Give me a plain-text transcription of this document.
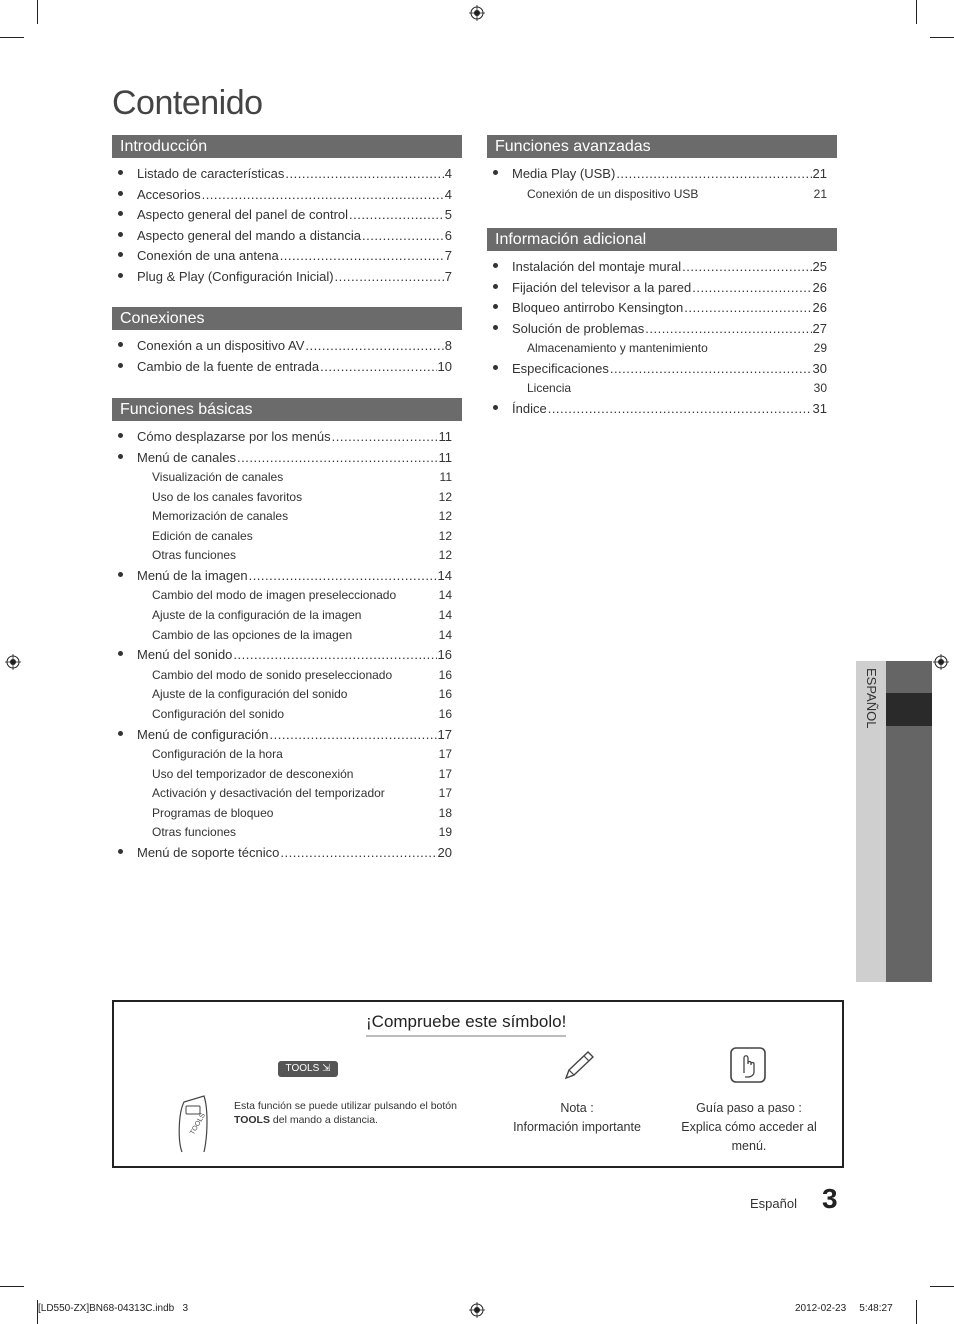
Contenido
Introducción
Listado de características .....	4
Accesorios .....	4
Aspecto general del panel de control .....	5
Aspecto general del mando a distancia .....	6
Conexión de una antena .....	7
Plug & Play (Configuración Inicial) .....	7
Conexiones
Conexión a un dispositivo AV .....	8
Cambio de la fuente de entrada .....	10
Funciones básicas
Cómo desplazarse por los menús .....	11
Menú de canales .....	11
Visualización de canales	11
Uso de los canales favoritos	12
Memorización de canales	12
Edición de canales	12
Otras funciones	12
Menú de la imagen .....	14
Cambio del modo de imagen preseleccionado	14
Ajuste de la configuración de la imagen	14
Cambio de las opciones de la imagen	14
Menú del sonido .....	16
Cambio del modo de sonido preseleccionado	16
Ajuste de la configuración del sonido	16
Configuración del sonido	16
Menú de configuración .....	17
Configuración de la hora	17
Uso del temporizador de desconexión	17
Activación y desactivación del temporizador	17
Programas de bloqueo	18
Otras funciones	19
Menú de soporte técnico .....	20
Funciones avanzadas
Media Play (USB) .....	21
Conexión de un dispositivo USB	21
Información adicional
Instalación del montaje mural .....	25
Fijación del televisor a la pared .....	26
Bloqueo antirrobo Kensington .....	26
Solución de problemas .....	27
Almacenamiento y mantenimiento	29
Especificaciones .....	30
Licencia	30
Índice .....	31
ESPAÑOL
¡Compruebe este símbolo!
TOOLS ⇲
TOOLS
Esta función se puede utilizar pulsando el botón TOOLS del mando a distancia.
Nota :
Información importante
Guía paso a paso :
Explica cómo acceder al menú.
Español 3
[LD550-ZX]BN68-04313C.indb   3	2012-02-23     5:48:27
